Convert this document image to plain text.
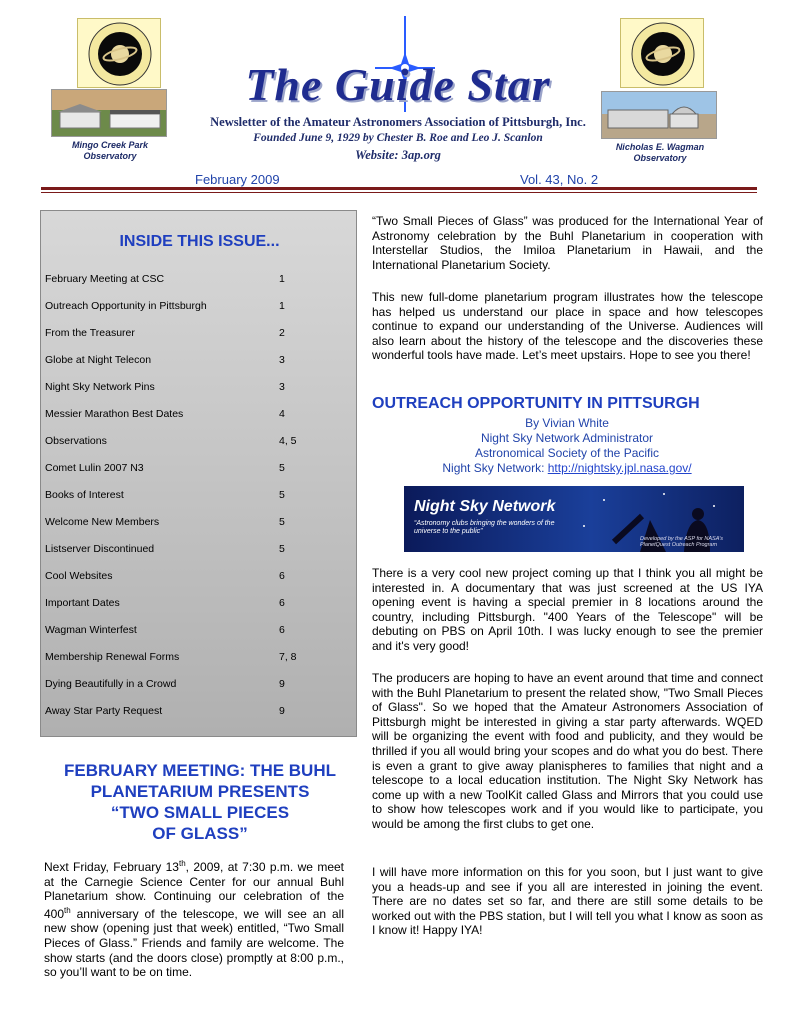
Mingo Creek Park
Observatory
Nicholas E. Wagman
Observatory
The Guide Star
Newsletter of the Amateur Astronomers Association of Pittsburgh, Inc.
Founded June 9, 1929 by Chester B. Roe and Leo J. Scanlon
Website: 3ap.org
February 2009	Vol. 43, No. 2
INSIDE THIS ISSUE...
February Meeting at CSC	1
Outreach Opportunity in Pittsburgh	1
From the Treasurer	2
Globe at Night Telecon	3
Night Sky Network Pins	3
Messier Marathon Best Dates	4
Observations	4, 5
Comet Lulin 2007 N3	5
Books of Interest	5
Welcome New Members	5
Listserver Discontinued	5
Cool Websites	6
Important Dates	6
Wagman Winterfest	6
Membership Renewal Forms	7, 8
Dying Beautifully in a Crowd	9
Away Star Party Request	9
FEBRUARY MEETING: THE BUHL
PLANETARIUM PRESENTS
“TWO SMALL PIECES
OF GLASS”
Next Friday, February 13th, 2009, at 7:30 p.m. we meet at the Carnegie Science Center for our annual Buhl Planetarium show. Continuing our celebration of the 400th anniversary of the telescope, we will see an all new show (opening just that week) entitled, “Two Small Pieces of Glass.” Friends and family are welcome. The show starts (and the doors close) promptly at 8:00 p.m., so you’ll want to be on time.
“Two Small Pieces of Glass” was produced for the International Year of Astronomy celebration by the Buhl Planetarium in cooperation with Interstellar Studios, the Imiloa Planetarium in Hawaii, and the International Planetarium Society.
This new full-dome planetarium program illustrates how the telescope has helped us understand our place in space and how telescopes continue to expand our understanding of the Universe. Audiences will also learn about the history of the telescope and the discoveries these wonderful tools have made. Let’s meet upstairs. Hope to see you there!
OUTREACH OPPORTUNITY IN PITTSURGH
By Vivian White
Night Sky Network Administrator
Astronomical Society of the Pacific
Night Sky Network: http://nightsky.jpl.nasa.gov/
Night Sky Network
“Astronomy clubs bringing the wonders of the universe to the public”
Developed by the ASP for NASA’s PlanetQuest Outreach Program
There is a very cool new project coming up that I think you all might be interested in. A documentary that was just screened at the US IYA opening event is having a special premier in 8 locations around the country, including Pittsburgh. "400 Years of the Telescope" will be debuting on PBS on April 10th. I was lucky enough to see the premier and it's very good!
The producers are hoping to have an event around that time and connect with the Buhl Planetarium to present the related show, "Two Small Pieces of Glass". So we hoped that the Amateur Astronomers Association of Pittsburgh might be interested in giving a star party afterwards. WQED will be organizing the event with food and publicity, and they would be thrilled if you all would bring your scopes and do what you do best. There is even a grant to give away planispheres to families that night and a telescope to a local education institution. The Night Sky Network has come up with a new ToolKit called Glass and Mirrors that you could use to show how telescopes work and if you would like to participate, you would be among the first clubs to get one.
I will have more information on this for you soon, but I just want to give you a heads-up and see if you all are interested in joining the event. There are no dates set so far, and there are still some details to be worked out with the PBS station, but I will tell you what I know as soon as I know it! Happy IYA!
